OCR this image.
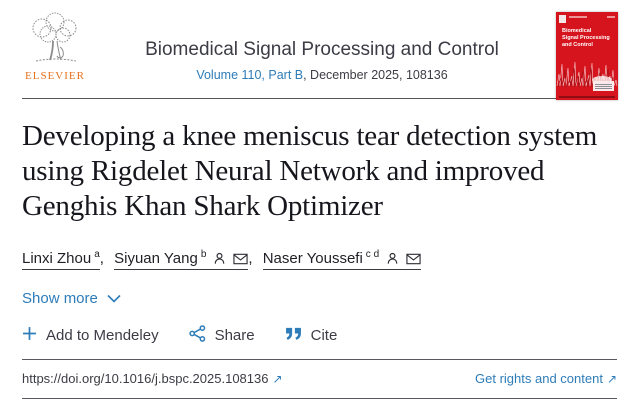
ELSEVIER
Biomedical Signal Processing and Control
Volume 110, Part B, December 2025, 108136
Biomedical
Signal Processing
and Control
Developing a knee meniscus tear detection system using Rigdelet Neural Network and improved Genghis Khan Shark Optimizer
Linxi Zhou $^a$, Siyuan Yang $^b$	, Naser Youssefi $^{c d}$
Show more
Add to Mendeley	Share	Cite
https://doi.org/10.1016/j.bspc.2025.108136 ↗	Get rights and content ↗
